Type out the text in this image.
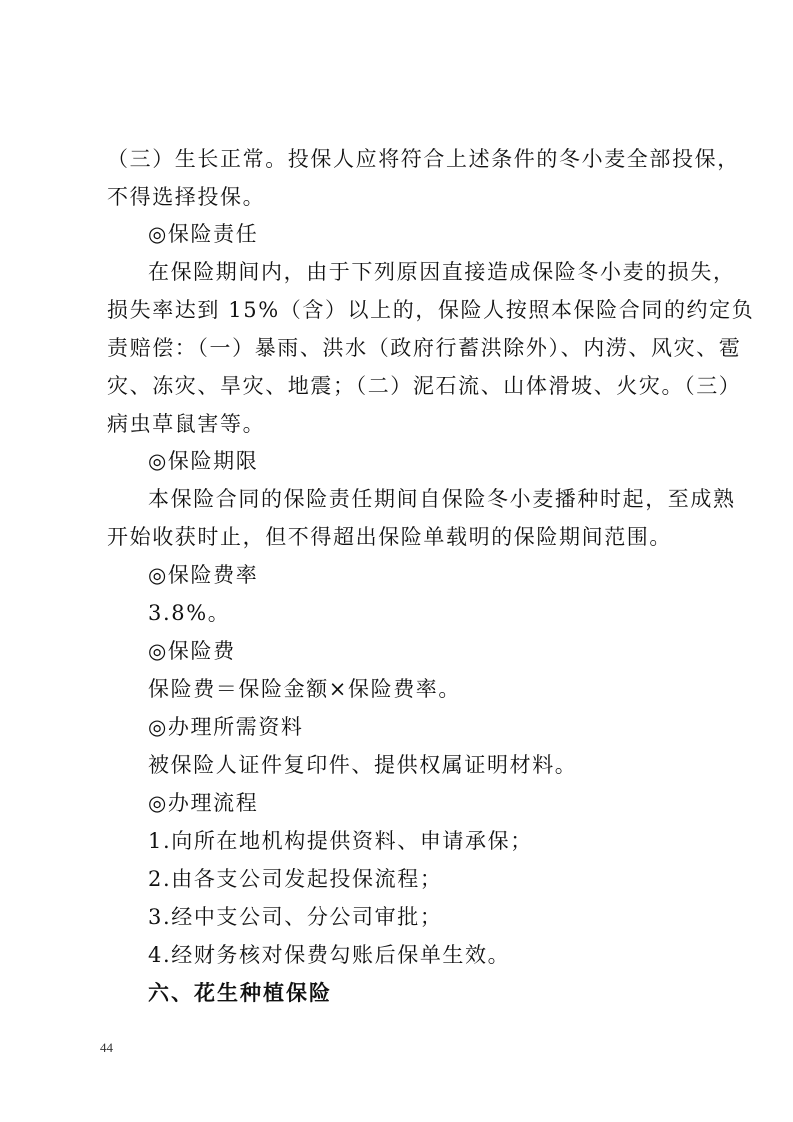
（三）生长正常。投保人应将符合上述条件的冬小麦全部投保，
不得选择投保。
◎保险责任
在保险期间内，由于下列原因直接造成保险冬小麦的损失，
损失率达到 15%（含）以上的，保险人按照本保险合同的约定负
责赔偿：（一）暴雨、洪水（政府行蓄洪除外）、内涝、风灾、雹
灾、冻灾、旱灾、地震；（二）泥石流、山体滑坡、火灾。（三）
病虫草鼠害等。
◎保险期限
本保险合同的保险责任期间自保险冬小麦播种时起，至成熟
开始收获时止，但不得超出保险单载明的保险期间范围。
◎保险费率
3.8%。
◎保险费
保险费＝保险金额×保险费率。
◎办理所需资料
被保险人证件复印件、提供权属证明材料。
◎办理流程
1.向所在地机构提供资料、申请承保；
2.由各支公司发起投保流程；
3.经中支公司、分公司审批；
4.经财务核对保费勾账后保单生效。
六、花生种植保险
44
